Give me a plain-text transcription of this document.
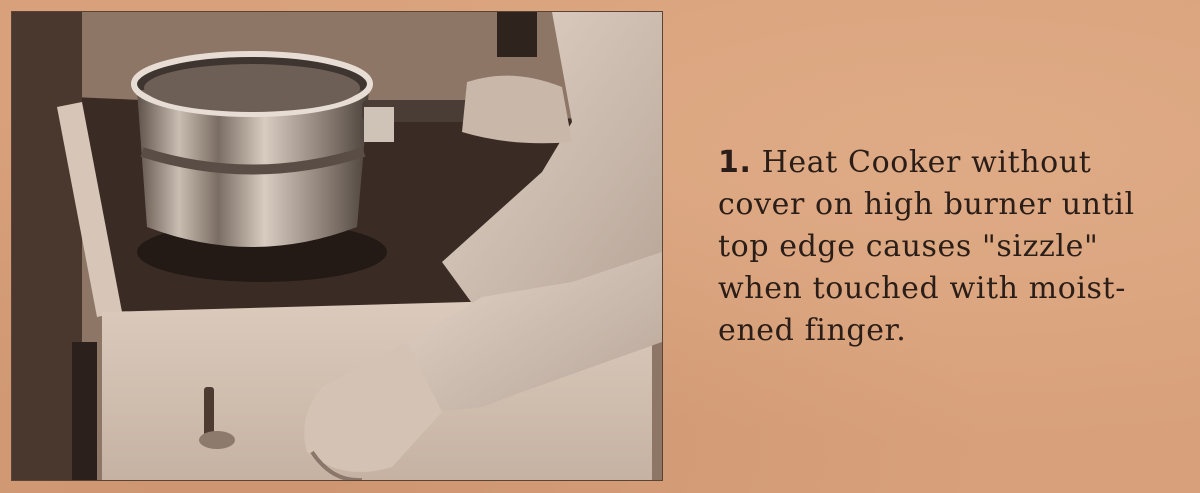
1. Heat Cooker without
cover on high burner until
top edge causes "sizzle"
when touched with moist-
ened finger.
